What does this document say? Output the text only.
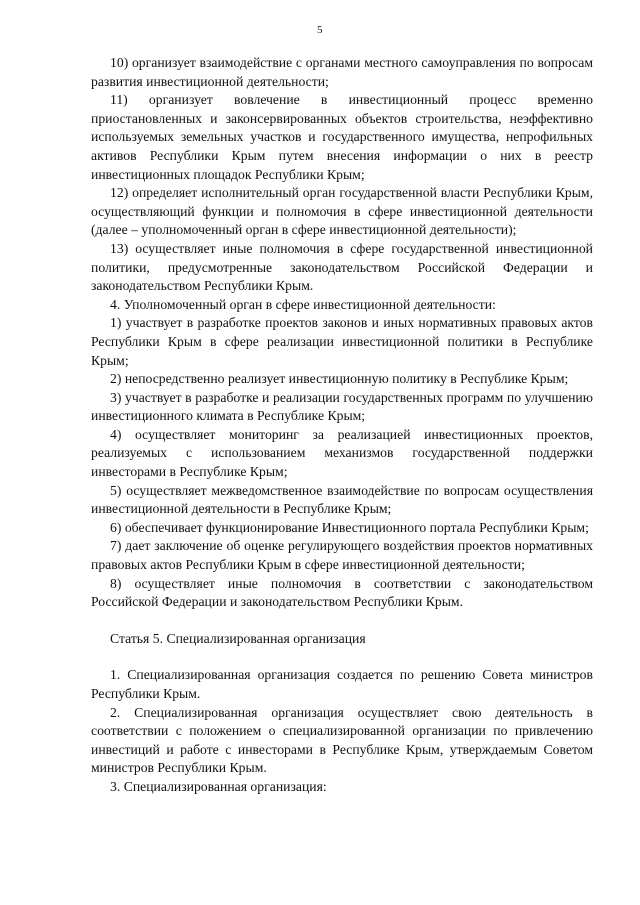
5

10) организует взаимодействие с органами местного самоуправления по вопросам развития инвестиционной деятельности;

11) организует вовлечение в инвестиционный процесс временно приостановленных и законсервированных объектов строительства, неэффективно используемых земельных участков и государственного имущества, непрофильных активов Республики Крым путем внесения информации о них в реестр инвестиционных площадок Республики Крым;

12) определяет исполнительный орган государственной власти Республики Крым, осуществляющий функции и полномочия в сфере инвестиционной деятельности (далее – уполномоченный орган в сфере инвестиционной деятельности);

13) осуществляет иные полномочия в сфере государственной инвестиционной политики, предусмотренные законодательством Российской Федерации и законодательством Республики Крым.

4. Уполномоченный орган в сфере инвестиционной деятельности:

1) участвует в разработке проектов законов и иных нормативных правовых актов Республики Крым в сфере реализации инвестиционной политики в Республике Крым;

2) непосредственно реализует инвестиционную политику в Республике Крым;

3) участвует в разработке и реализации государственных программ по улучшению инвестиционного климата в Республике Крым;

4) осуществляет мониторинг за реализацией инвестиционных проектов, реализуемых с использованием механизмов государственной поддержки инвесторами в Республике Крым;

5) осуществляет межведомственное взаимодействие по вопросам осуществления инвестиционной деятельности в Республике Крым;

6) обеспечивает функционирование Инвестиционного портала Республики Крым;

7) дает заключение об оценке регулирующего воздействия проектов нормативных правовых актов Республики Крым в сфере инвестиционной деятельности;

8) осуществляет иные полномочия в соответствии с законодательством Российской Федерации и законодательством Республики Крым.

Статья 5. Специализированная организация

1. Специализированная организация создается по решению Совета министров Республики Крым.

2. Специализированная организация осуществляет свою деятельность в соответствии с положением о специализированной организации по привлечению инвестиций и работе с инвесторами в Республике Крым, утверждаемым Советом министров Республики Крым.

3. Специализированная организация:
